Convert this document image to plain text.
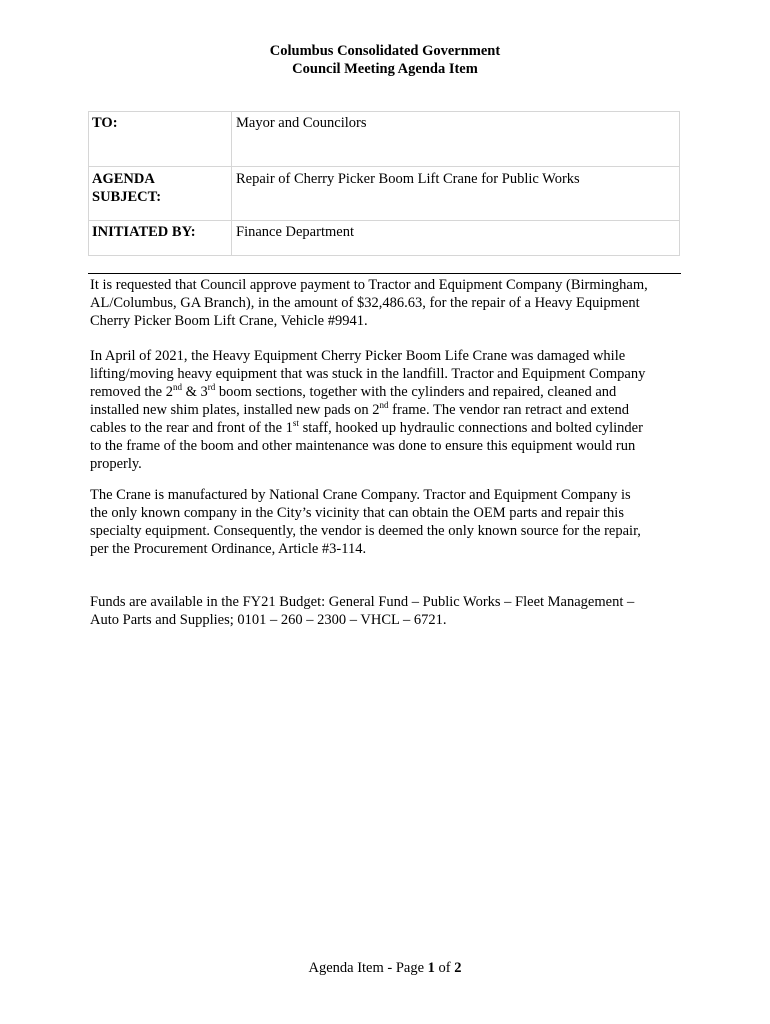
Columbus Consolidated Government
Council Meeting Agenda Item
TO:	Mayor and Councilors

AGENDA
SUBJECT:	Repair of Cherry Picker Boom Lift Crane for Public Works

INITIATED BY:	Finance Department

It is requested that Council approve payment to Tractor and Equipment Company (Birmingham,
AL/Columbus, GA Branch), in the amount of $32,486.63, for the repair of a Heavy Equipment
Cherry Picker Boom Lift Crane, Vehicle #9941.

In April of 2021, the Heavy Equipment Cherry Picker Boom Life Crane was damaged while
lifting/moving heavy equipment that was stuck in the landfill. Tractor and Equipment Company
removed the 2nd & 3rd boom sections, together with the cylinders and repaired, cleaned and
installed new shim plates, installed new pads on 2nd frame. The vendor ran retract and extend
cables to the rear and front of the 1st staff, hooked up hydraulic connections and bolted cylinder
to the frame of the boom and other maintenance was done to ensure this equipment would run
properly.

The Crane is manufactured by National Crane Company. Tractor and Equipment Company is
the only known company in the City’s vicinity that can obtain the OEM parts and repair this
specialty equipment. Consequently, the vendor is deemed the only known source for the repair,
per the Procurement Ordinance, Article #3-114.

Funds are available in the FY21 Budget: General Fund – Public Works – Fleet Management –
Auto Parts and Supplies; 0101 – 260 – 2300 – VHCL – 6721.

Agenda Item - Page 1 of 2
